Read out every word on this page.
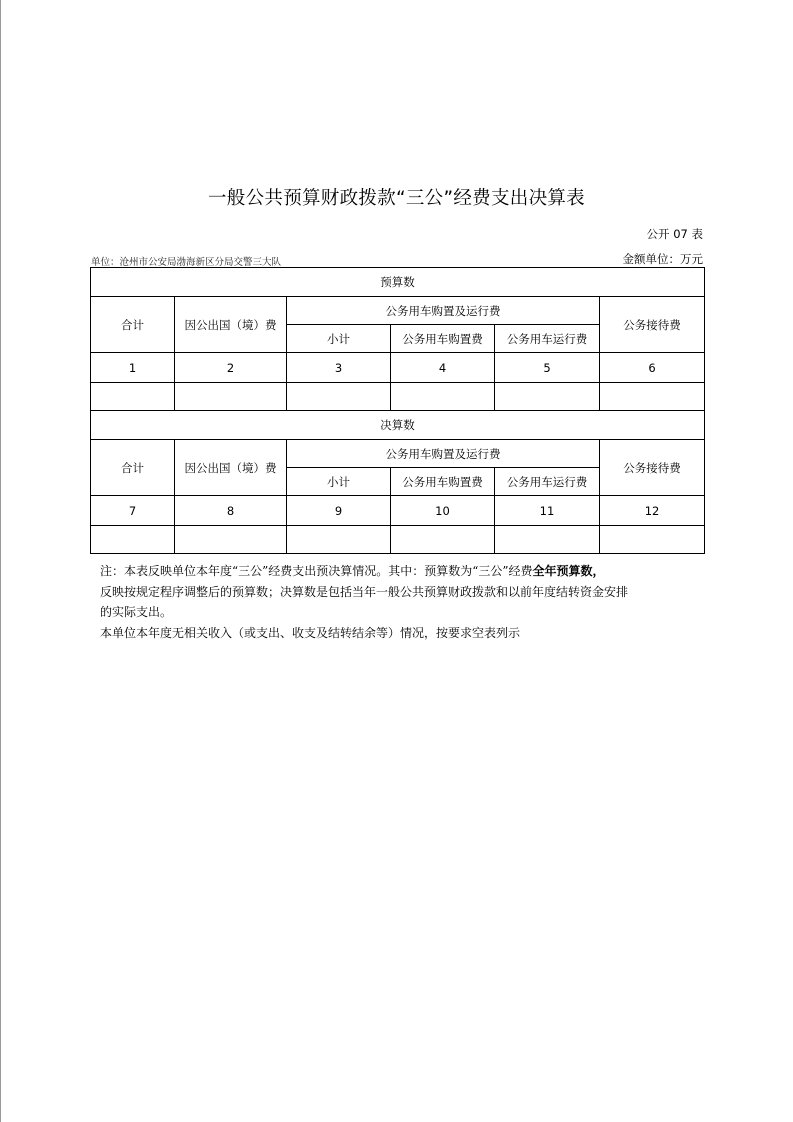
一般公共预算财政拨款“三公”经费支出决算表
公开 07 表
单位：沧州市公安局渤海新区分局交警三大队	金额单位：万元
预算数					
合计	因公出国（境）费	公务用车购置及运行费			公务接待费
		小计	公务用车购置费	公务用车运行费	
1	2	3	4	5	6

决算数					
合计	因公出国（境）费	公务用车购置及运行费			公务接待费
		小计	公务用车购置费	公务用车运行费	
7	8	9	10	11	12

注：本表反映单位本年度“三公”经费支出预决算情况。其中：预算数为“三公”经费全年预算数，

反映按规定程序调整后的预算数；决算数是包括当年一般公共预算财政拨款和以前年度结转资金安排

的实际支出。

本单位本年度无相关收入（或支出、收支及结转结余等）情况，按要求空表列示
